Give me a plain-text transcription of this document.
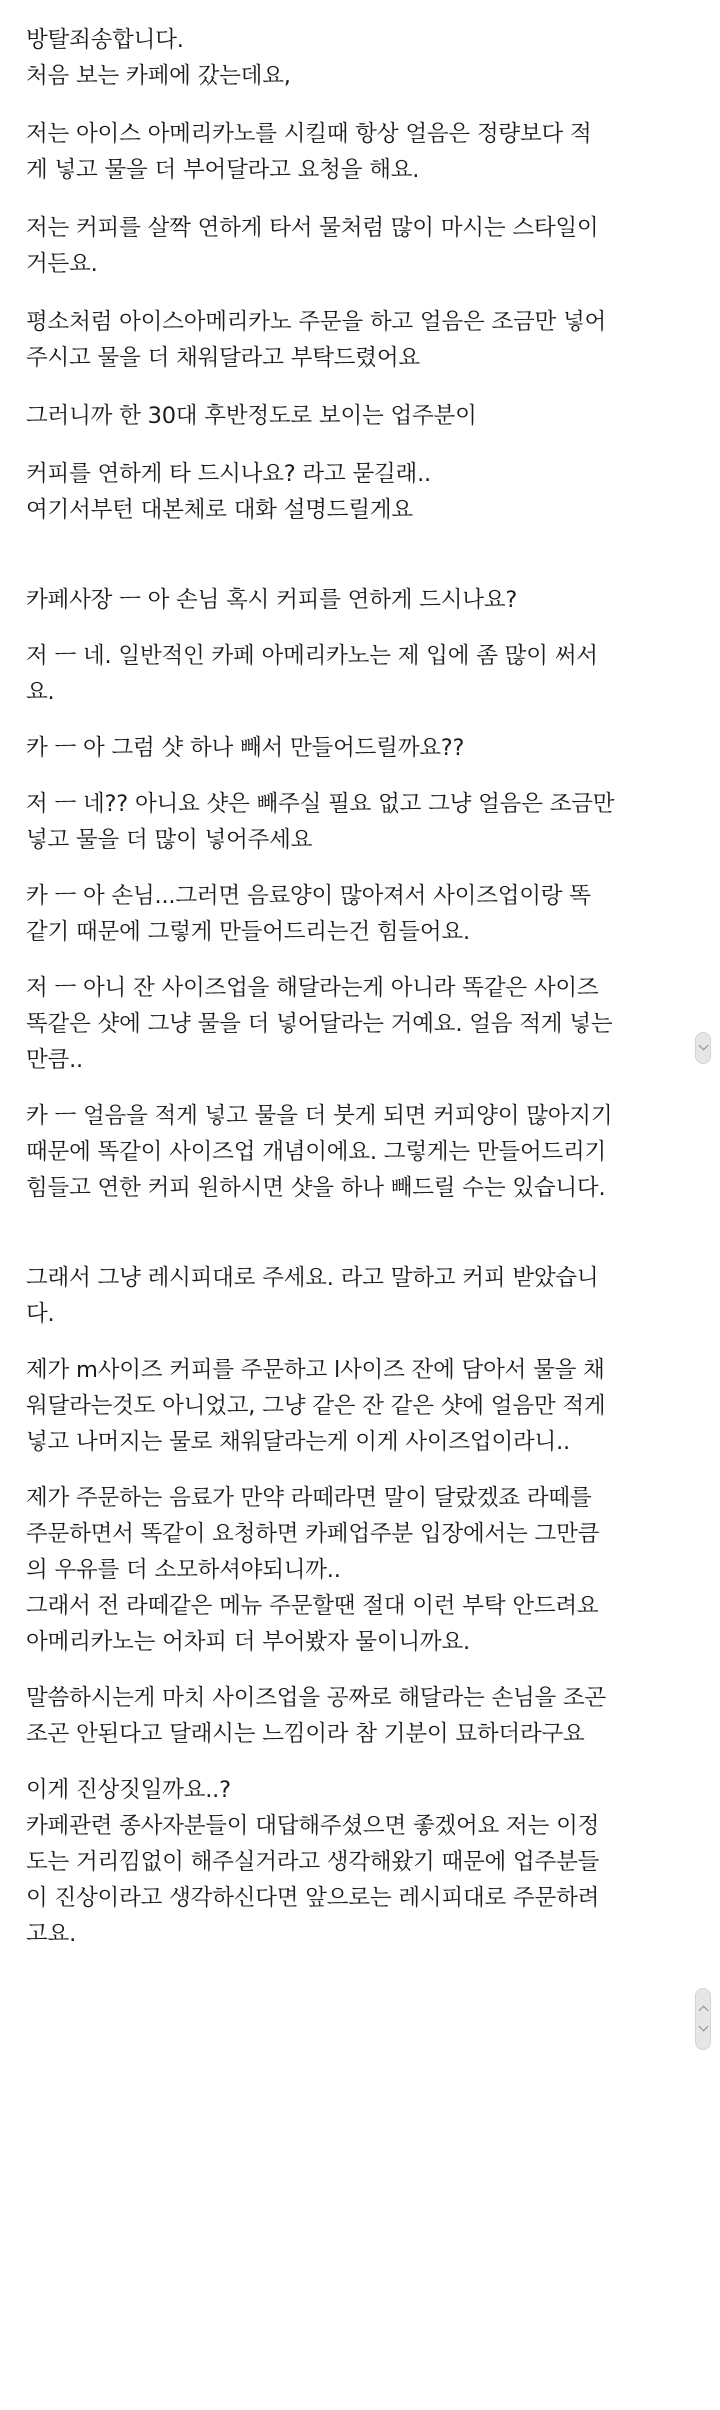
방탈죄송합니다.
처음 보는 카페에 갔는데요,
저는 아이스 아메리카노를 시킬때 항상 얼음은 정량보다 적
게 넣고 물을 더 부어달라고 요청을 해요.
저는 커피를 살짝 연하게 타서 물처럼 많이 마시는 스타일이
거든요.
평소처럼 아이스아메리카노 주문을 하고 얼음은 조금만 넣어
주시고 물을 더 채워달라고 부탁드렸어요
그러니까 한 30대 후반정도로 보이는 업주분이
커피를 연하게 타 드시나요? 라고 묻길래..
여기서부턴 대본체로 대화 설명드릴게요
카페사장 ㅡ 아 손님 혹시 커피를 연하게 드시나요?
저 ㅡ 네. 일반적인 카페 아메리카노는 제 입에 좀 많이 써서
요.
카 ㅡ 아 그럼 샷 하나 빼서 만들어드릴까요??
저 ㅡ 네?? 아니요 샷은 빼주실 필요 없고 그냥 얼음은 조금만
넣고 물을 더 많이 넣어주세요
카 ㅡ 아 손님...그러면 음료양이 많아져서 사이즈업이랑 똑
같기 때문에 그렇게 만들어드리는건 힘들어요.
저 ㅡ 아니 잔 사이즈업을 해달라는게 아니라 똑같은 사이즈
똑같은 샷에 그냥 물을 더 넣어달라는 거예요. 얼음 적게 넣는
만큼..
카 ㅡ 얼음을 적게 넣고 물을 더 붓게 되면 커피양이 많아지기
때문에 똑같이 사이즈업 개념이에요. 그렇게는 만들어드리기
힘들고 연한 커피 원하시면 샷을 하나 빼드릴 수는 있습니다.
그래서 그냥 레시피대로 주세요. 라고 말하고 커피 받았습니
다.
제가 m사이즈 커피를 주문하고 l사이즈 잔에 담아서 물을 채
워달라는것도 아니었고, 그냥 같은 잔 같은 샷에 얼음만 적게
넣고 나머지는 물로 채워달라는게 이게 사이즈업이라니..
제가 주문하는 음료가 만약 라떼라면 말이 달랐겠죠 라떼를
주문하면서 똑같이 요청하면 카페업주분 입장에서는 그만큼
의 우유를 더 소모하셔야되니까..
그래서 전 라떼같은 메뉴 주문할땐 절대 이런 부탁 안드려요
아메리카노는 어차피 더 부어봤자 물이니까요.
말씀하시는게 마치 사이즈업을 공짜로 해달라는 손님을 조곤
조곤 안된다고 달래시는 느낌이라 참 기분이 묘하더라구요
이게 진상짓일까요..?
카페관련 종사자분들이 대답해주셨으면 좋겠어요 저는 이정
도는 거리낌없이 해주실거라고 생각해왔기 때문에 업주분들
이 진상이라고 생각하신다면 앞으로는 레시피대로 주문하려
고요.
